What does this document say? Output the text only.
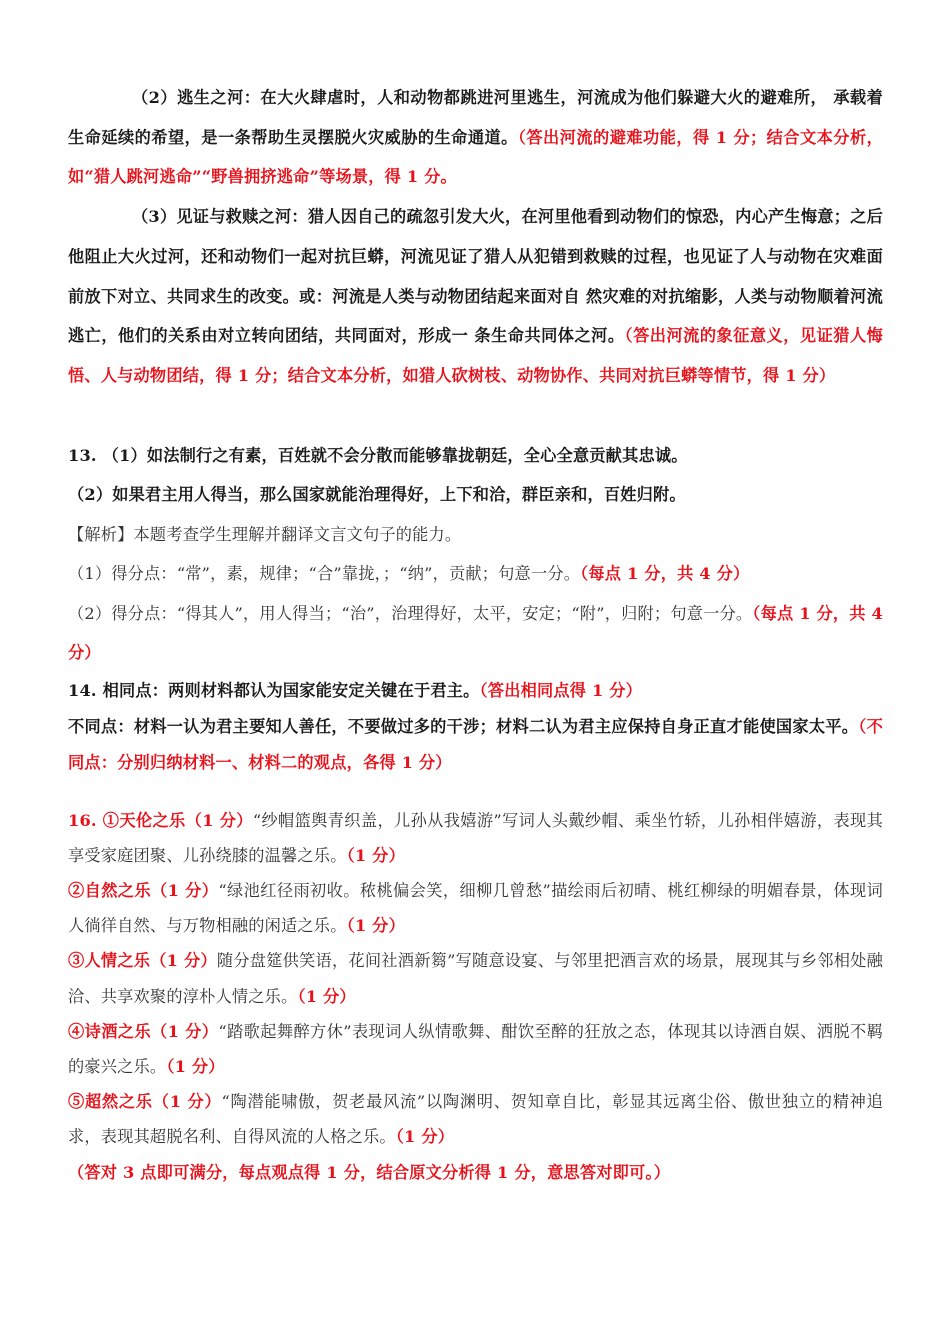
（2）逃生之河：在大火肆虐时，人和动物都跳进河里逃生，河流成为他们躲避大火的避难所， 承载着生命延续的希望，是一条帮助生灵摆脱火灾威胁的生命通道。（答出河流的避难功能，得 1 分；结合文本分析，如“猎人跳河逃命”“野兽拥挤逃命”等场景，得 1 分。

（3）见证与救赎之河：猎人因自己的疏忽引发大火，在河里他看到动物们的惊恐，内心产生悔意；之后他阻止大火过河，还和动物们一起对抗巨蟒，河流见证了猎人从犯错到救赎的过程，也见证了人与动物在灾难面前放下对立、共同求生的改变。或：河流是人类与动物团结起来面对自 然灾难的对抗缩影，人类与动物顺着河流逃亡，他们的关系由对立转向团结，共同面对，形成一 条生命共同体之河。（答出河流的象征意义，见证猎人悔悟、人与动物团结，得 1 分；结合文本分析，如猎人砍树枝、动物协作、共同对抗巨蟒等情节，得 1 分）

13. （1）如法制行之有素，百姓就不会分散而能够靠拢朝廷，全心全意贡献其忠诚。

（2）如果君主用人得当，那么国家就能治理得好，上下和洽，群臣亲和，百姓归附。

【解析】本题考查学生理解并翻译文言文句子的能力。

（1）得分点：“常”，素，规律；“合”靠拢，；“纳”，贡献；句意一分。（每点 1 分，共 4 分）

（2）得分点：“得其人”，用人得当；“治”，治理得好，太平，安定；“附”，归附；句意一分。（每点 1 分，共 4 分）

14. 相同点：两则材料都认为国家能安定关键在于君主。（答出相同点得 1 分）

不同点：材料一认为君主要知人善任，不要做过多的干涉；材料二认为君主应保持自身正直才能使国家太平。（不同点：分别归纳材料一、材料二的观点，各得 1 分）

16. ①天伦之乐（1 分）“纱帽篮舆青织盖，儿孙从我嬉游”写词人头戴纱帽、乘坐竹轿，儿孙相伴嬉游，表现其享受家庭团聚、儿孙绕膝的温馨之乐。（1 分）

②自然之乐（1 分）“绿池红径雨初收。秾桃偏会笑，细柳几曾愁”描绘雨后初晴、桃红柳绿的明媚春景，体现词人徜徉自然、与万物相融的闲适之乐。（1 分）

③人情之乐（1 分）随分盘筵供笑语，花间社酒新篘”写随意设宴、与邻里把酒言欢的场景，展现其与乡邻相处融洽、共享欢聚的淳朴人情之乐。（1 分）

④诗酒之乐（1 分）“踏歌起舞醉方休”表现词人纵情歌舞、酣饮至醉的狂放之态，体现其以诗酒自娱、洒脱不羁的豪兴之乐。（1 分）

⑤超然之乐（1 分）“陶潜能啸傲，贺老最风流”以陶渊明、贺知章自比，彰显其远离尘俗、傲世独立的精神追求，表现其超脱名利、自得风流的人格之乐。（1 分）

（答对 3 点即可满分，每点观点得 1 分，结合原文分析得 1 分，意思答对即可。）
